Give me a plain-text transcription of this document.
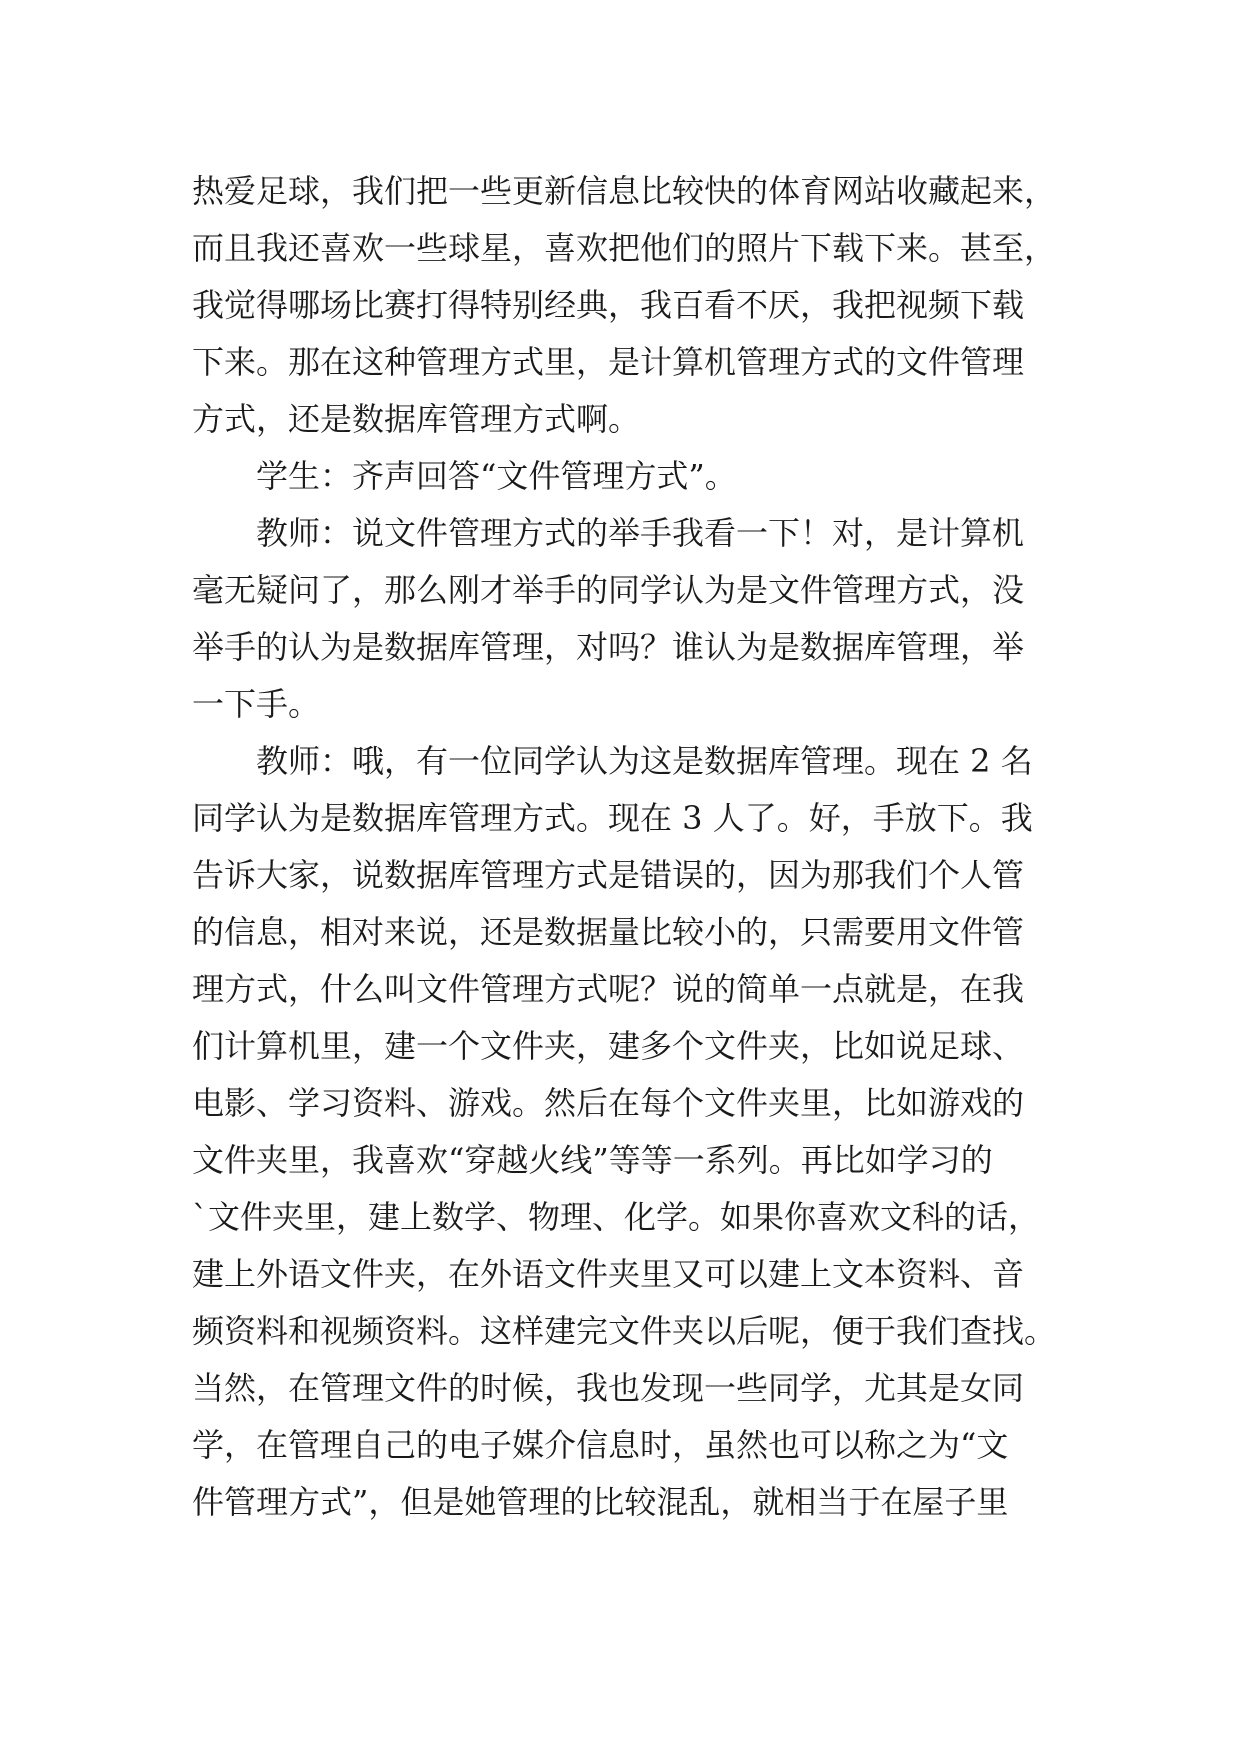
热爱足球，我们把一些更新信息比较快的体育网站收藏起来，
而且我还喜欢一些球星，喜欢把他们的照片下载下来。甚至，
我觉得哪场比赛打得特别经典，我百看不厌，我把视频下载
下来。那在这种管理方式里，是计算机管理方式的文件管理
方式，还是数据库管理方式啊。
学生：齐声回答“文件管理方式”。
教师：说文件管理方式的举手我看一下！对，是计算机
毫无疑问了，那么刚才举手的同学认为是文件管理方式，没
举手的认为是数据库管理，对吗？谁认为是数据库管理，举
一下手。
教师：哦，有一位同学认为这是数据库管理。现在 2 名
同学认为是数据库管理方式。现在 3 人了。好，手放下。我
告诉大家，说数据库管理方式是错误的，因为那我们个人管
的信息，相对来说，还是数据量比较小的，只需要用文件管
理方式，什么叫文件管理方式呢？说的简单一点就是，在我
们计算机里，建一个文件夹，建多个文件夹，比如说足球、
电影、学习资料、游戏。然后在每个文件夹里，比如游戏的
文件夹里，我喜欢“穿越火线”等等一系列。再比如学习的
`文件夹里，建上数学、物理、化学。如果你喜欢文科的话，
建上外语文件夹，在外语文件夹里又可以建上文本资料、音
频资料和视频资料。这样建完文件夹以后呢，便于我们查找。
当然，在管理文件的时候，我也发现一些同学，尤其是女同
学，在管理自己的电子媒介信息时，虽然也可以称之为“文
件管理方式”，但是她管理的比较混乱，就相当于在屋子里
